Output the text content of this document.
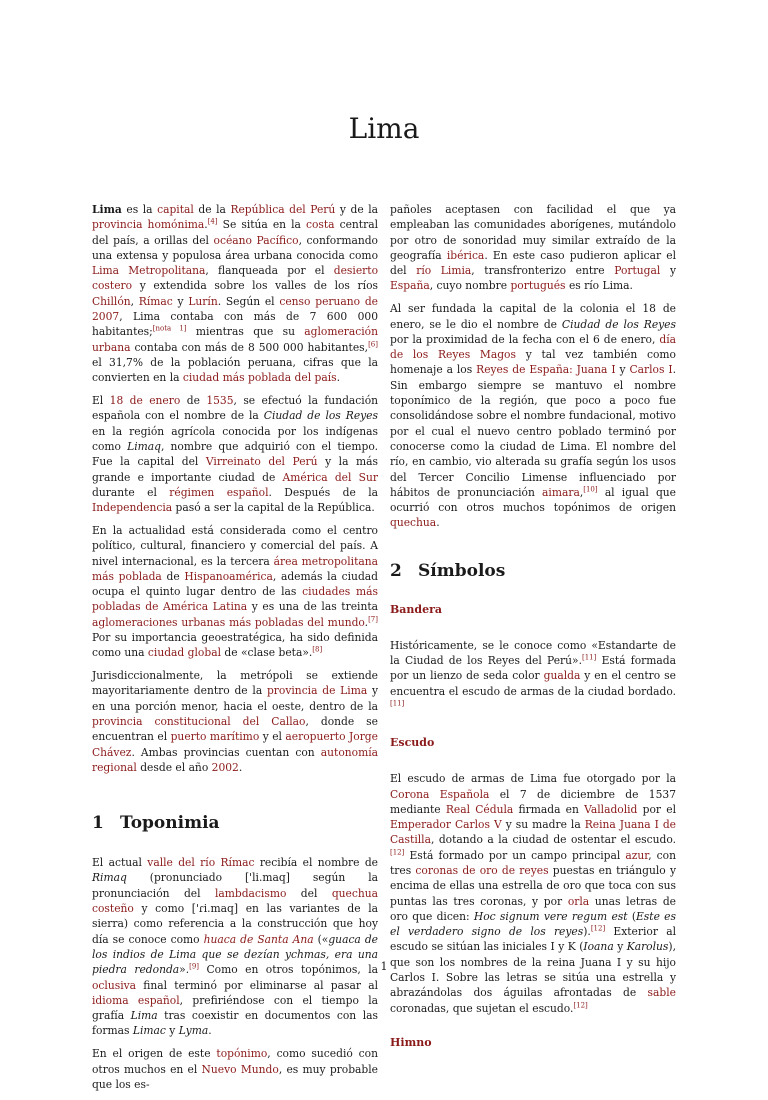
Lima

Lima es la capital de la República del Perú y de la provincia homónima.[4] Se sitúa en la costa central del país, a orillas del océano Pacífico, conformando una extensa y populosa área urbana conocida como Lima Metropolitana, flanqueada por el desierto costero y extendida sobre los valles de los ríos Chillón, Rímac y Lurín. Según el censo peruano de 2007, Lima contaba con más de 7 600 000 habitantes;[nota 1] mientras que su aglomeración urbana contaba con más de 8 500 000 habitantes,[6] el 31,7% de la población peruana, cifras que la convierten en la ciudad más poblada del país.

El 18 de enero de 1535, se efectuó la fundación española con el nombre de la Ciudad de los Reyes en la región agrícola conocida por los indígenas como Limaq, nombre que adquirió con el tiempo. Fue la capital del Virreinato del Perú y la más grande e importante ciudad de América del Sur durante el régimen español. Después de la Independencia pasó a ser la capital de la República.

En la actualidad está considerada como el centro político, cultural, financiero y comercial del país. A nivel internacional, es la tercera área metropolitana más poblada de Hispanoamérica, además la ciudad ocupa el quinto lugar dentro de las ciudades más pobladas de América Latina y es una de las treinta aglomeraciones urbanas más pobladas del mundo.[7] Por su importancia geoestratégica, ha sido definida como una ciudad global de «clase beta».[8]

Jurisdiccionalmente, la metrópoli se extiende mayoritariamente dentro de la provincia de Lima y en una porción menor, hacia el oeste, dentro de la provincia constitucional del Callao, donde se encuentran el puerto marítimo y el aeropuerto Jorge Chávez. Ambas provincias cuentan con autonomía regional desde el año 2002.

1 Toponimia

El actual valle del río Rímac recibía el nombre de Rimaq (pronunciado ['li.maq] según la pronunciación del lambdacismo del quechua costeño y como ['ɾi.maq] en las variantes de la sierra) como referencia a la construcción que hoy día se conoce como huaca de Santa Ana («guaca de los indios de Lima que se dezían ychmas, era una piedra redonda».[9] Como en otros topónimos, la oclusiva final terminó por eliminarse al pasar al idioma español, prefiriéndose con el tiempo la grafía Lima tras coexistir en documentos con las formas Limac y Lyma.

En el origen de este topónimo, como sucedió con otros muchos en el Nuevo Mundo, es muy probable que los es-

pañoles aceptasen con facilidad el que ya empleaban las comunidades aborígenes, mutándolo por otro de sonoridad muy similar extraído de la geografía ibérica. En este caso pudieron aplicar el del río Limia, transfronterizo entre Portugal y España, cuyo nombre portugués es río Lima.

Al ser fundada la capital de la colonia el 18 de enero, se le dio el nombre de Ciudad de los Reyes por la proximidad de la fecha con el 6 de enero, día de los Reyes Magos y tal vez también como homenaje a los Reyes de España: Juana I y Carlos I. Sin embargo siempre se mantuvo el nombre toponímico de la región, que poco a poco fue consolidándose sobre el nombre fundacional, motivo por el cual el nuevo centro poblado terminó por conocerse como la ciudad de Lima. El nombre del río, en cambio, vio alterada su grafía según los usos del Tercer Concilio Limense influenciado por hábitos de pronunciación aimara,[10] al igual que ocurrió con otros muchos topónimos de origen quechua.

2 Símbolos
Bandera

Históricamente, se le conoce como «Estandarte de la Ciudad de los Reyes del Perú».[11] Está formada por un lienzo de seda color gualda y en el centro se encuentra el escudo de armas de la ciudad bordado.[11]

Escudo

El escudo de armas de Lima fue otorgado por la Corona Española el 7 de diciembre de 1537 mediante Real Cédula firmada en Valladolid por el Emperador Carlos V y su madre la Reina Juana I de Castilla, dotando a la ciudad de ostentar el escudo.[12] Está formado por un campo principal azur, con tres coronas de oro de reyes puestas en triángulo y encima de ellas una estrella de oro que toca con sus puntas las tres coronas, y por orla unas letras de oro que dicen: Hoc signum vere regum est (Este es el verdadero signo de los reyes).[12] Exterior al escudo se sitúan las iniciales I y K (Ioana y Karolus), que son los nombres de la reina Juana I y su hijo Carlos I. Sobre las letras se sitúa una estrella y abrazándolas dos águilas afrontadas de sable coronadas, que sujetan el escudo.[12]

Himno
1
